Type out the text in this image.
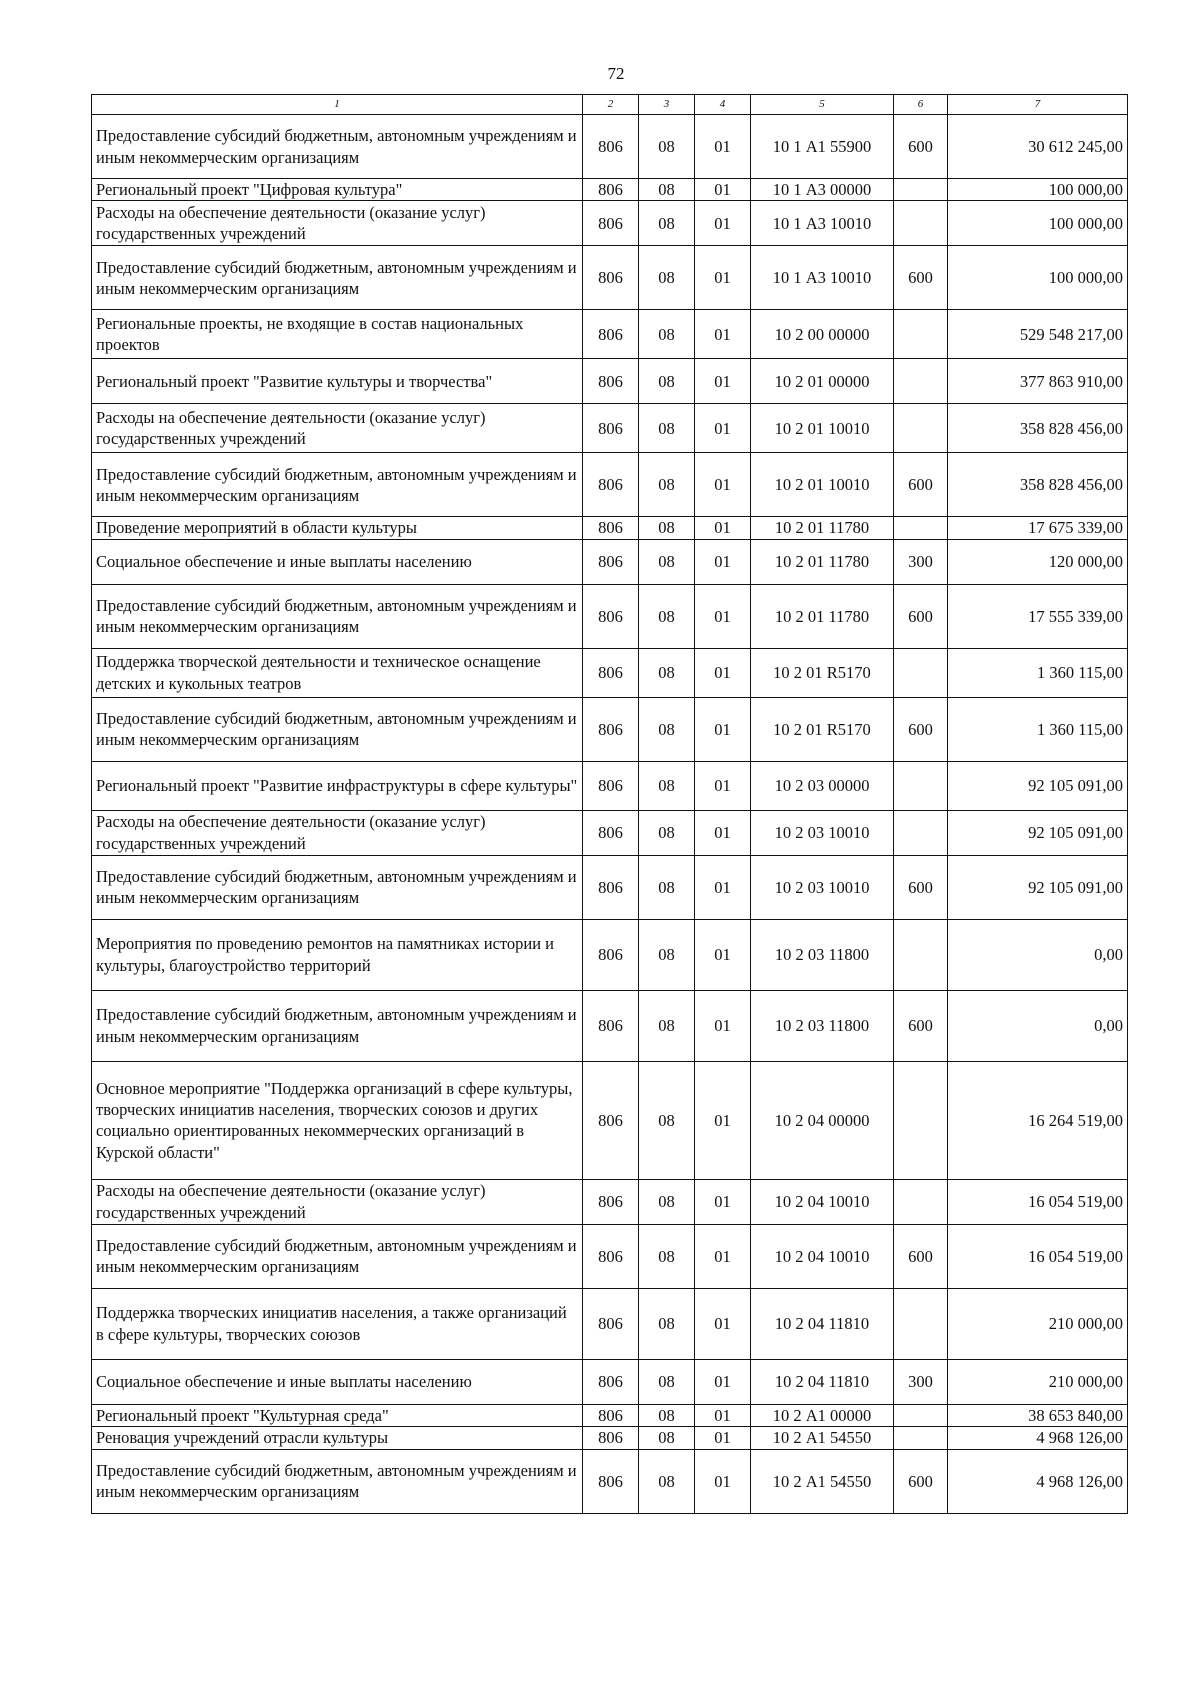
72
1	2	3	4	5	6	7
Предоставление субсидий бюджетным, автономным учреждениям и иным некоммерческим организациям	806	08	01	10 1 А1 55900	600	30 612 245,00
Региональный проект "Цифровая культура"	806	08	01	10 1 А3 00000		100 000,00
Расходы на обеспечение деятельности (оказание услуг) государственных учреждений	806	08	01	10 1 А3 10010		100 000,00
Предоставление субсидий бюджетным, автономным учреждениям и иным некоммерческим организациям	806	08	01	10 1 А3 10010	600	100 000,00
Региональные проекты, не входящие в состав национальных проектов	806	08	01	10 2 00 00000		529 548 217,00
Региональный проект "Развитие культуры и творчества"	806	08	01	10 2 01 00000		377 863 910,00
Расходы на обеспечение деятельности (оказание услуг) государственных учреждений	806	08	01	10 2 01 10010		358 828 456,00
Предоставление субсидий бюджетным, автономным учреждениям и иным некоммерческим организациям	806	08	01	10 2 01 10010	600	358 828 456,00
Проведение мероприятий в области культуры	806	08	01	10 2 01 11780		17 675 339,00
Социальное обеспечение и иные выплаты населению	806	08	01	10 2 01 11780	300	120 000,00
Предоставление субсидий бюджетным, автономным учреждениям и иным некоммерческим организациям	806	08	01	10 2 01 11780	600	17 555 339,00
Поддержка творческой деятельности и техническое оснащение детских и кукольных театров	806	08	01	10 2 01 R5170		1 360 115,00
Предоставление субсидий бюджетным, автономным учреждениям и иным некоммерческим организациям	806	08	01	10 2 01 R5170	600	1 360 115,00
Региональный проект "Развитие инфраструктуры в сфере культуры"	806	08	01	10 2 03 00000		92 105 091,00
Расходы на обеспечение деятельности (оказание услуг) государственных учреждений	806	08	01	10 2 03 10010		92 105 091,00
Предоставление субсидий бюджетным, автономным учреждениям и иным некоммерческим организациям	806	08	01	10 2 03 10010	600	92 105 091,00
Мероприятия по проведению ремонтов на памятниках истории и культуры, благоустройство территорий	806	08	01	10 2 03 11800		0,00
Предоставление субсидий бюджетным, автономным учреждениям и иным некоммерческим организациям	806	08	01	10 2 03 11800	600	0,00
Основное мероприятие "Поддержка организаций в сфере культуры, творческих инициатив населения, творческих союзов и других социально ориентированных некоммерческих организаций в Курской области"	806	08	01	10 2 04 00000		16 264 519,00
Расходы на обеспечение деятельности (оказание услуг) государственных учреждений	806	08	01	10 2 04 10010		16 054 519,00
Предоставление субсидий бюджетным, автономным учреждениям и иным некоммерческим организациям	806	08	01	10 2 04 10010	600	16 054 519,00
Поддержка творческих инициатив населения, а также организаций в сфере культуры, творческих союзов	806	08	01	10 2 04 11810		210 000,00
Социальное обеспечение и иные выплаты населению	806	08	01	10 2 04 11810	300	210 000,00
Региональный проект "Культурная среда"	806	08	01	10 2 А1 00000		38 653 840,00
Реновация учреждений отрасли культуры	806	08	01	10 2 А1 54550		4 968 126,00
Предоставление субсидий бюджетным, автономным учреждениям и иным некоммерческим организациям	806	08	01	10 2 А1 54550	600	4 968 126,00
